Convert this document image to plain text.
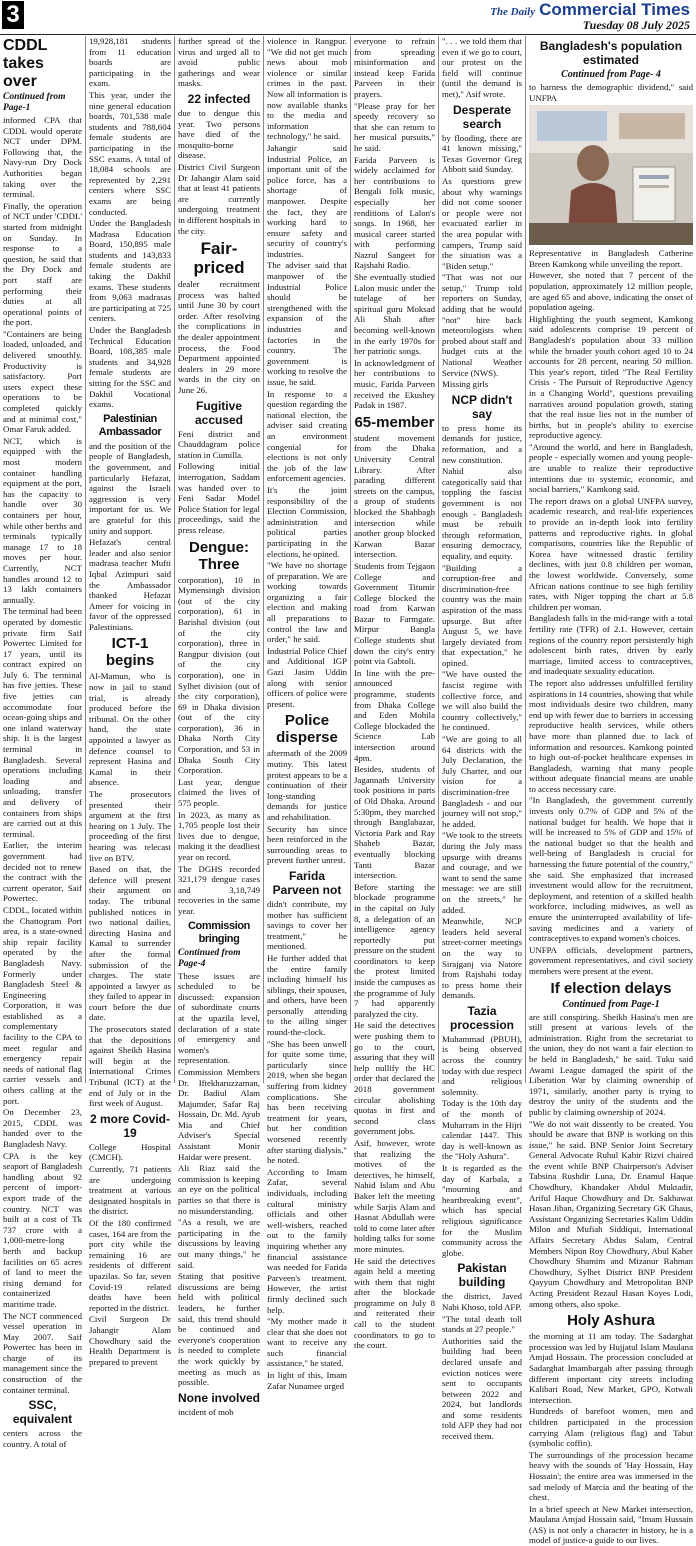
3	The Daily Commercial Times
Tuesday 08 July 2025
CDDL takes over
Continued from Page-1

informed CPA that CDDL would operate NCT under DPM. Following that, the Navy-run Dry Dock Authorities began taking over the terminal.

Finally, the operation of NCT under 'CDDL' started from midnight on Sunday. In response to a question, he said that the Dry Dock and port staff are performing their duties at all operational points of the port.

"Containers are being loaded, unloaded, and delivered smoothly. Productivity is satisfactory. Port users expect these operations to be completed quickly and at minimal cost," Omar Faruk added.

NCT, which is equipped with the most modern container handling equipment at the port, has the capacity to handle over 30 containers per hour, while other berths and terminals typically manage 17 to 18 moves per hour. Currently, NCT handles around 12 to 13 lakh containers annually.

The terminal had been operated by domestic private firm Saif Powertec Limited for 17 years, until its contract expired on July 6. The terminal has five jetties. These five jetties can accommodate four ocean-going ships and one inland waterway ship. It is the largest terminal in Bangladesh. Several operations including loading and unloading, transfer and delivery of containers from ships are carried out at this terminal.

Earlier, the interim government had decided not to renew the contract with the current operator, Saif Powertec.

CDDL, located within the Chattogram Port area, is a state-owned ship repair facility operated by the Bangladesh Navy. Formerly under Bangladesh Steel & Engineering Corporation, it was established as a complementary facility to the CPA to meet regular and emergency repair needs of national flag carrier vessels and others calling at the port.

On December 23, 2015, CDDL was handed over to the Bangladesh Navy.

CPA is the key seaport of Bangladesh handling about 92 percent of import-export trade of the country. NCT was built at a cost of Tk 737 crore with a 1,000-metre-long berth and backup facilities on 65 acres of land to meet the rising demand for containerized maritime trade.

The NCT commenced vessel operation in May 2007. Saif Powertec has been in charge of its management since the construction of the container terminal.

SSC, equivalent

centers across the country. A total of

19,928,181 students from 11 education boards are participating in the exam.

This year, under the nine general education boards, 701,538 male students and 788,604 female students are participating in the SSC exams. A total of 18,084 schools are represented by 2,291 centers where SSC exams are being conducted.

Under the Bangladesh Madrasa Education Board, 150,895 male students and 143,833 female students are taking the Dakhil exams. These students from 9,063 madrasas are participating at 725 centers.

Under the Bangladesh Technical Education Board, 108,385 male students and 34,928 female students are sitting for the SSC and Dakhil Vocational exams.

Palestinian Ambassador

and the position of the people of Bangladesh, the government, and particularly Hefazat, against the Israeli aggression is very important for us. We are grateful for this unity and support.

Hefazat's central leader and also senior madrasa teacher Mufti Iqbal Azimpuri said the Ambassador thanked Hefazat Ameer for voicing in favor of the oppressed Palestinians.

ICT-1 begins

Al-Mamun, who is now in jail to stand trial, is already produced before the tribunal. On the other hand, the state appointed a lawyer as defence counsel to represent Hasina and Kamal in their absence.

The prosecutors presented their argument at the first hearing on 1 July. The proceeding of the first hearing was telecast live on BTV.

Based on that, the defence will present their argument on today. The tribunal published notices in two national dailies, directing Hasina and Kamal to surrender after the formal submission of the charges. The state appointed a lawyer as they failed to appear in court before the due date.

The prosecutors stated that the depositions against Sheikh Hasina will begin at the International Crimes Tribunal (ICT) at the end of July or in the first week of August.

2 more Covid-19

College Hospital (CMCH).

Currently, 71 patients are undergoing treatment at various designated hospitals in the district.

Of the 180 confirmed cases, 164 are from the port city while the remaining 16 are residents of different upazilas. So far, seven Covid-19 related deaths have been reported in the district.

Civil Surgeon Dr Jahangir Alam Chowdhury said the Health Department is prepared to prevent

further spread of the virus and urged all to avoid public gatherings and wear masks.

22 infected

due to dengue this year. Two persons have died of the mosquito-borne disease.

District Civil Surgeon Dr Jahangir Alam said that at least 41 patients are currently undergoing treatment in different hospitals in the city.

Fair-priced

dealer recruitment process was halted until June 30 by court order. After resolving the complications in the dealer appointment process, the Food Department appointed dealers in 29 more wards in the city on June 26.

Fugitive accused

Feni district and Chauddagram police station in Cumilla.

Following initial interrogation, Saddam was handed over to Feni Sadar Model Police Station for legal proceedings, said the press release.

Dengue: Three

corporation), 10 in Mymensingh division (out of the city corporation), 61 in Barishal division (out of the city corporation), three in Rangpur division (out of the city corporation), one in Sylhet division (out of the city corporation), 69 in Dhaka division (out of the city corporation), 36 in Dhaka North City Corporation, and 53 in Dhaka South City Corporation.

Last year, dengue claimed the lives of 575 people.

In 2023, as many as 1,705 people lost their lives due to dengue, making it the deadliest year on record.

The DGHS recorded 321,179 dengue cases and 3,18,749 recoveries in the same year.

Commission bringing
Continued from Page-4

These issues are scheduled to be discussed: expansion of subordinate courts at the upazila level, declaration of a state of emergency and women's representation.

Commission Members Dr. Iftekharuzzaman, Dr. Badiul Alam Majumder, Safar Raj Hossain, Dr. Md. Ayub Mia and Chief Adviser's Special Assistant Monir Haidar were present.

Ali Riaz said the commission is keeping an eye on the political parties so that there is no misunderstanding.

"As a result, we are participating in the discussions by leaving out many things," he said.

Stating that positive discussions are being held with political leaders, he further said, this trend should be continued and everyone's cooperation is needed to complete the work quickly by meeting as much as possible.

None involved

incident of mob

violence in Rangpur. "We did not get much news about mob violence or similar crimes in the past. Now all information is now available thanks to the media and information technology," he said.

Jahangir said Industrial Police, an important unit of the police force, has a shortage of manpower. Despite the fact, they are working hard to ensure safety and security of country's industries.

The adviser said that manpower of the Industrial Police should be strengthened with the expansion of the industries and factories in the country. The government is working to resolve the issue, he said.

In response to a question regarding the national election, the adviser said creating an environment congenial for elections is not only the job of the law enforcement agencies.

It's the joint responsibility of the Election Commission, administration and political parties participating in the elections, he opined.

"We have no shortage of preparation. We are working towards organizing a fair election and making all preparations to control the law and order," he said.

Industrial Police Chief and Additional IGP Gazi Jasim Uddin along with senior officers of police were present.

Police disperse

aftermath of the 2009 mutiny. This latest protest appears to be a continuation of their long-standing demands for justice and rehabilitation.

Security has since been reinforced in the surrounding areas to prevent further unrest.

Farida Parveen not

didn't contribute, my mother has sufficient savings to cover her treatment," he mentioned.

He further added that the entire family including himself his siblings, their spouses, and others, have been personally attending to the ailing singer round-the-clock.

"She has been unwell for quite some time, particularly since 2019, when she began suffering from kidney complications. She has been receiving treatment for years, but her condition worsened recently after starting dialysis," he noted.

According to Imam Zafar, several individuals, including cultural ministry officials and other well-wishers, reached out to the family inquiring whether any financial assistance was needed for Farida Parveen's treatment. However, the artist firmly declined such help.

"My mother made it clear that she does not want to receive any such financial assistance," he stated.

In light of this, Imam Zafar Nunamee urged

everyone to refrain from spreading misinformation and instead keep Farida Parveen in their prayers.

"Please pray for her speedy recovery so that she can return to her musical pursuits," he said.

Farida Parveen is widely acclaimed for her contributions to Bengali folk music, especially her renditions of Lalon's songs. In 1968, her musical career started with performing Nazrul Sangeet for Rajshahi Radio.

She eventually studied Lalon music under the tutelage of her spiritual guru Moksad Ali Shah after becoming well-known in the early 1970s for her patriotic songs.

In acknowledgment of her contributions to music, Farida Parveen received the Ekushey Padak in 1987.

65-member

student movement from the Dhaka University Central Library. After parading different streets on the campus, a group of students blocked the Shahbagh intersection while another group blocked Karwan Bazar intersection.

Students from Tejgaon College and Government Titumir College blocked the road from Karwan Bazar to Farmgate. Mirpur Bangla College students shut down the city's entry point via Gabtoli.

In line with the pre-announced programme, students from Dhaka College and Eden Mohila College blockaded the Science Lab intersection around 4pm.

Besides, students of Jagannath University took positions in parts of Old Dhaka. Around 5:30pm, they marched through Banglabazar, Victoria Park and Ray Shaheb Bazar, eventually blocking Tanti Bazar intersection.

Before starting the blockade programme in the capital on July 8, a delegation of an intelligence agency reportedly put pressure on the student coordinators to keep the protest limited inside the campuses as the programme of July 7 had apparently paralyzed the city.

He said the detectives were pushing them to go to the court, assuring that they will help nullify the HC order that declared the 2018 government circular abolishing quotas in first and second class government jobs.

Asif, however, wrote that realizing the motives of the detectives, he himself, Nahid Islam and Abu Baker left the meeting while Sarjis Alam and Hasnat Abdullah were told to come later after holding talks for some more minutes.

He said the detectives again held a meeting with them that night after the blockade programme on July 8 and reiterated their call to the student coordinators to go to the court.

". . . we told them that even if we go to court, our protest on the field will continue (until the demand is met)," Asif wrote.

Desperate search

by flooding, there are 41 known missing," Texas Governor Greg Abbott said Sunday.

As questions grew about why warnings did not come sooner or people were not evacuated earlier in the area popular with campers, Trump said the situation was a "Biden setup."

"That was not our setup," Trump told reporters on Sunday, adding that he would "not" hire back meteorologists when probed about staff and budget cuts at the National Weather Service (NWS).

Missing girls

NCP didn't say

to press home its demands for justice, reformation, and a new constitution.

Nahid also categorically said that toppling the fascist government is not enough - Bangladesh must be rebuilt through reformation, ensuring democracy, equality, and equity.

"Building a corruption-free and discrimination-free country was the main aspiration of the mass upsurge. But after August 5, we have largely deviated from that expectation," he opined.

"We have ousted the fascist regime with collective force, and we will also build the country collectively," he continued.

"We are going to all 64 districts with the July Declaration, the July Charter, and our vision for a discrimination-free Bangladesh - and our journey will not stop," he added.

"We took to the streets during the July mass upsurge with dreams and courage, and we want to send the same message: we are still on the streets," he added.

Meanwhile, NCP leaders held several street-corner meetings on the way to Sirajganj via Natore from Rajshahi today to press home their demands.

Tazia procession

Muhammad (PBUH), is being observed across the country today with due respect and religious solemnity.

Today is the 10th day of the month of Muharram in the Hijri calendar 1447. This day is well-known as the "Holy Ashura".

It is regarded as the day of Karbala, a "mourning and heartbreaking event", which has special religious significance for the Muslim community across the globe.

Pakistan building

the district, Javed Nabi Khoso, told AFP.

"The total death toll stands at 27 people."

Authorities said the building had been declared unsafe and eviction notices were sent to occupants between 2022 and 2024, but landlords and some residents told AFP they had not received them.

Bangladesh's population estimated
Continued from Page- 4

to harness the demographic dividend," said UNFPA

Representative in Bangladesh Catherine Breen Kamkong while unveiling the report.

However, she noted that 7 percent of the population, approximately 12 million people, are aged 65 and above, indicating the onset of population ageing.

Highlighting the youth segment, Kamkong said adolescents comprise 19 percent of Bangladesh's population about 33 million while the broader youth cohort aged 10 to 24 accounts for 28 percent, nearing 50 million. This year's report, titled "The Real Fertility Crisis - The Pursuit of Reproductive Agency in a Changing World", questions prevailing narratives around population growth, stating that the real issue lies not in the number of births, but in people's ability to exercise reproductive agency.

"Around the world, and here in Bangladesh, people - especially women and young people-are unable to realize their reproductive intentions due to systemic, economic, and social barriers," Kamkong said.

The report draws on a global UNFPA survey, academic research, and real-life experiences to provide an in-depth look into fertility patterns and reproductive rights. In global comparisons, countries like the Republic of Korea have witnessed drastic fertility declines, with just 0.8 children per woman, the lowest worldwide. Conversely, some African nations continue to see high fertility rates, with Niger topping the chart at 5.8 children per woman.

Bangladesh falls in the mid-range with a total fertility rate (TFR) of 2.1. However, certain regions of the country report persistently high adolescent birth rates, driven by early marriage, limited access to contraceptives, and inadequate sexuality education.

The report also addresses unfulfilled fertility aspirations in 14 countries, showing that while most individuals desire two children, many end up with fewer due to barriers in accessing reproductive health services, while others have more than planned due to lack of information and resources. Kamkong pointed to high out-of-pocket healthcare expenses in Bangladesh, warning that many people without adequate financial means are unable to access necessary care.

"In Bangladesh, the government currently invests only 0.7% of GDP and 5% of the national budget for health. We hope that it will be increased to 5% of GDP and 15% of the national budget so that the health and well-being of Bangladesh is crucial for harnessing the future potential of the country," she said. She emphasized that increased investment would allow for the recruitment, deployment, and retention of a skilled health workforce, including midwives, as well as ensure the uninterrupted availability of life-saving medicines and a variety of contraceptives to expand women's choices.

UNFPA officials, development partners, government representatives, and civil society members were present at the event.

If election delays
Continued from Page-1

are still conspiring. Sheikh Hasina's men are still present at various levels of the administration. Right from the secretariat to the union, they do not want a fair election to be held in Bangladesh," he said. Tuku said Awami League damaged the spirit of the Liberation War by claiming ownership of 1971, similarly, another party is trying to destroy the unity of the students and the public by claiming ownership of 2024.

"We do not wait dissently to be created. You should be aware that BNP is working on this issue," he said. BNP Senior Joint Secretary General Advocate Ruhul Kabir Rizvi chaired the event while BNP Chairperson's Adviser Tabsina Rushdir Luna, Dr. Enamul Haque Chowdhury, Khandaker Abdul Muktadir, Ariful Haque Chowdhury and Dr. Sakhawat Hasan Jiban, Organizing Secretary GK Ghaus, Assistant Organizing Secretaries Kalim Uddin Milon and Mufiah Siddiqui, International Affairs Secretary Abdus Salam, Central Members Nipun Roy Chowdhury, Abul Kaher Chowdhury Shamim and Mizanur Rahman Chowdhury, Sylhet District BNP President Qayyum Chowdhury and Metropolitan BNP Acting President Rezaul Hasan Koyes Lodi, among others, also spoke.

Holy Ashura

the morning at 11 am today. The Sadarghat procession was led by Hujjatul Islam Maulana Amjad Hossain. The procession concluded at Sadarghat Imambargah after passing through different important city streets including Kalibari Road, New Market, GPO, Kotwali intersection.

Hundreds of barefoot women, men and children participated in the procession carrying Alam (religious flag) and Tabut (symbolic coffin).

The surroundings of the procession became heavy with the sounds of 'Hay Hossain, Hay Hossain'; the entire area was immersed in the sad melody of Marcia and the beating of the chest.

In a brief speech at New Market intersection, Maulana Amjad Hossain said, "Imam Hussain (AS) is not only a character in history, he is a model of justice-a guide to our lives.
